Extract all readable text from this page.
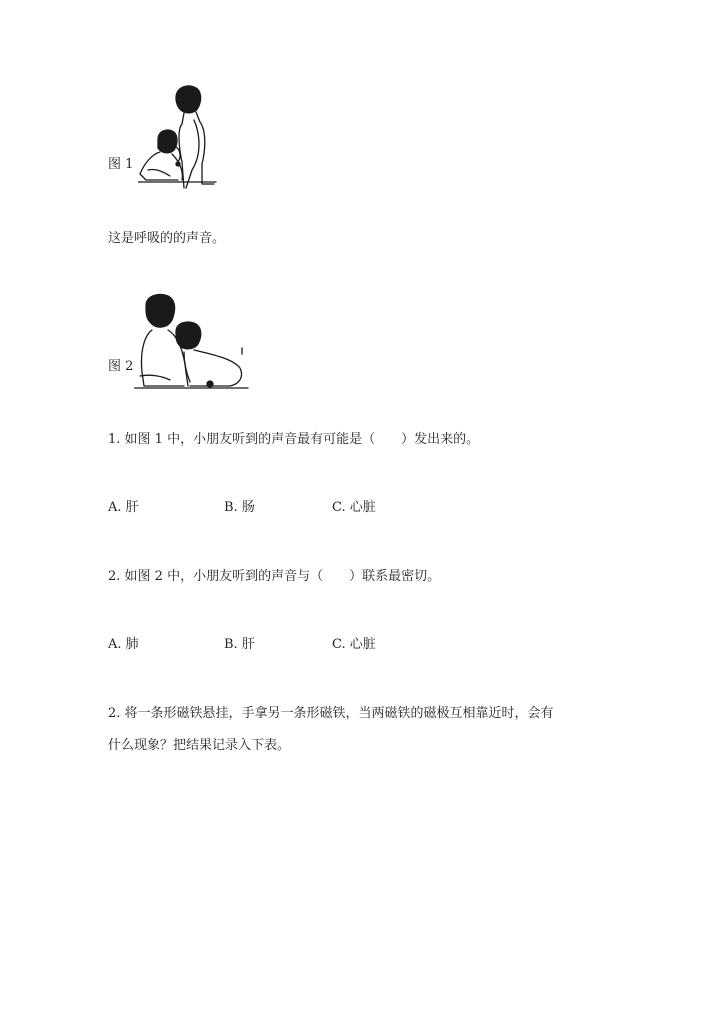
图 1
这是呼吸的的声音。
图 2
1. 如图 1 中，小朋友听到的声音最有可能是（　　）发出来的。
A. 肝	B. 肠	C. 心脏
2. 如图 2 中，小朋友听到的声音与（　　）联系最密切。
A. 肺	B. 肝	C. 心脏
2. 将一条形磁铁悬挂，手拿另一条形磁铁，当两磁铁的磁极互相靠近时，会有
什么现象？把结果记录入下表。
